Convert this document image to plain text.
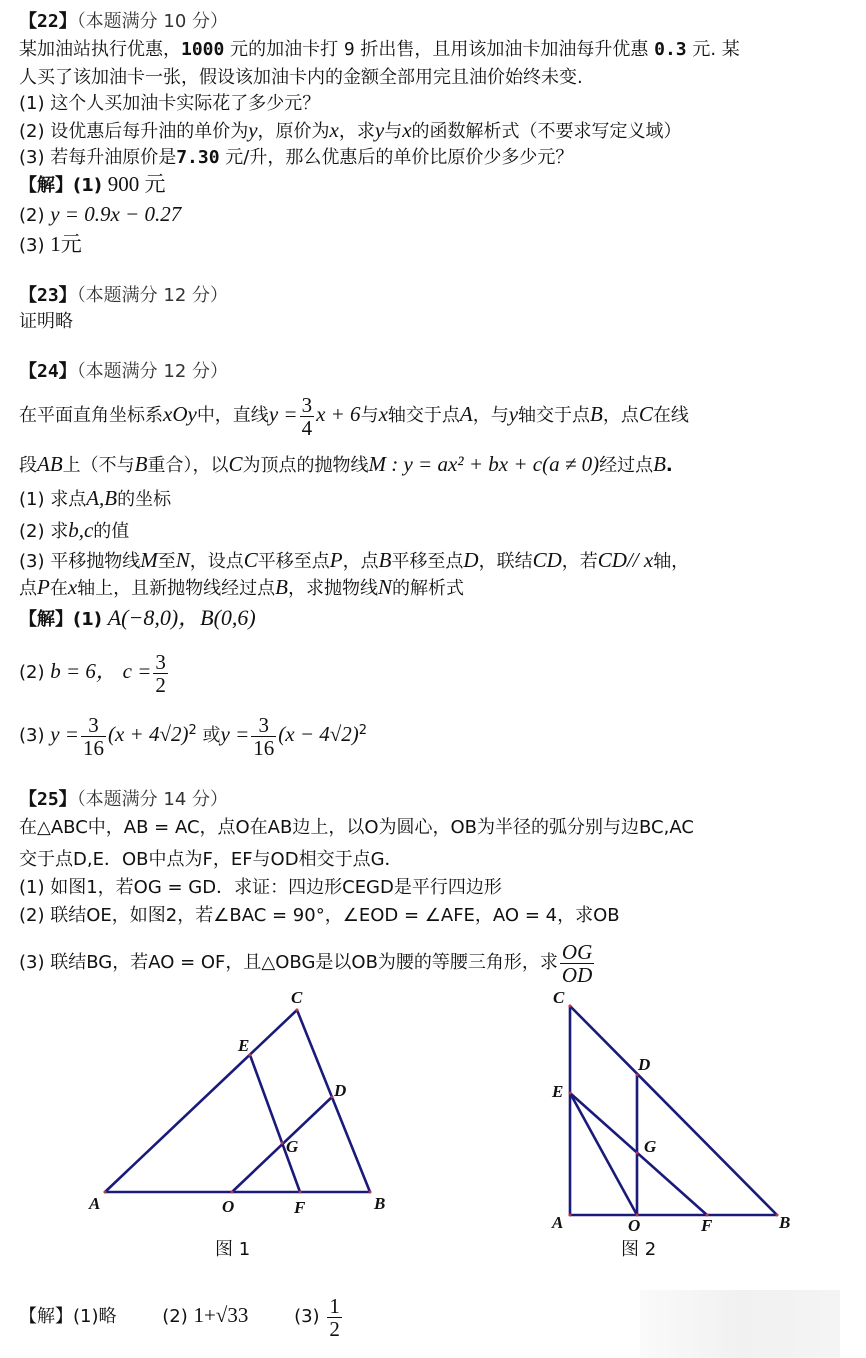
【22】（本题满分 10 分）
某加油站执行优惠，1000 元的加油卡打 9 折出售，且用该加油卡加油每升优惠 0.3 元. 某
人买了该加油卡一张，假设该加油卡内的金额全部用完且油价始终未变.
(1) 这个人买加油卡实际花了多少元？
(2) 设优惠后每升油的单价为y，原价为x，求y与x的函数解析式（不要求写定义域）
(3) 若每升油原价是7.30 元/升，那么优惠后的单价比原价少多少元？
【解】(1) 900 元
(2) y = 0.9x − 0.27
(3) 1元
【23】（本题满分 12 分）
证明略
【24】（本题满分 12 分）
在平面直角坐标系xOy中，直线$y = \frac{3}{4}$ x + 6与x轴交于点A，与y轴交于点B，点C在线
段AB上（不与B重合），以C为顶点的抛物线M : y = ax² + bx + c(a ≠ 0)经过点B.
(1) 求点A,B的坐标
(2) 求b,c的值
(3) 平移抛物线M至N，设点C平移至点P，点B平移至点D，联结CD，若CD// x轴，
点P在x轴上，且新抛物线经过点B，求抛物线N的解析式
【解】(1) A(−8,0)，B(0,6)
(2) b = 6， $c = \frac{3}{2}$
(3) $y = \frac{3}{16} (x + 4√2)^2$ 或$y = \frac{3}{16} (x - 4√2)^2$
【25】（本题满分 14 分）
在△ABC中，AB = AC，点O在AB边上，以O为圆心，OB为半径的弧分别与边BC,AC
交于点D,E．OB中点为F，EF与OD相交于点G．
(1) 如图1，若OG = GD．求证：四边形CEGD是平行四边形
(2) 联结OE，如图2，若∠BAC = 90°，∠EOD = ∠AFE，AO = 4，求OB
(3) 联结BG，若AO = OF，且△OBG是以OB为腰的等腰三角形，求 $\frac{OG}{OD}$
A	O	F	B
C
E
D
G
C
A	O	F	B
D
E
G
图 1	图 2
【解】(1)略	(2) 1+√33	$(3) \frac{1}{2}$
